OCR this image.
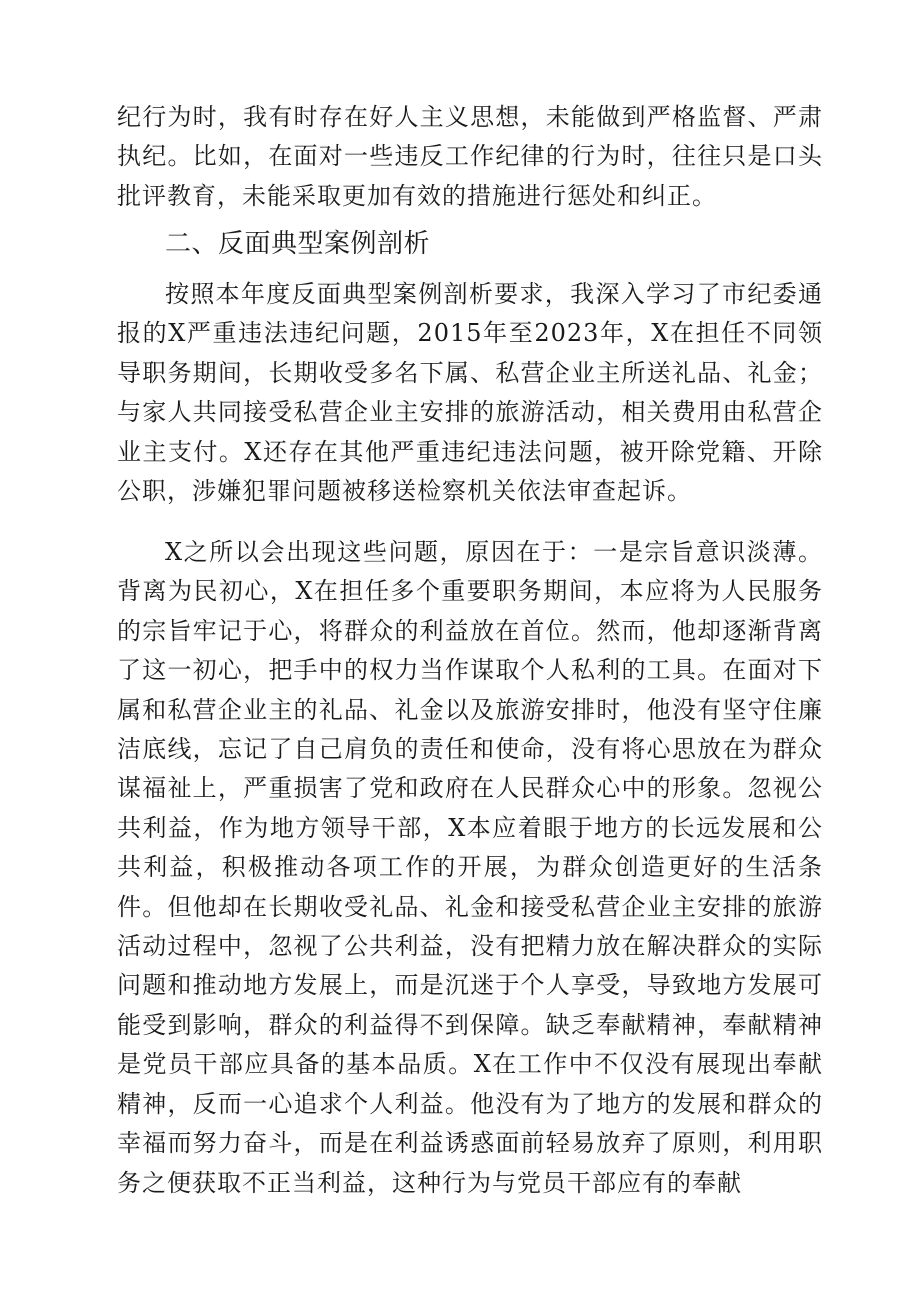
纪行为时，我有时存在好人主义思想，未能做到严格监督、严肃执纪。比如，在面对一些违反工作纪律的行为时，往往只是口头批评教育，未能采取更加有效的措施进行惩处和纠正。

二、反面典型案例剖析

按照本年度反面典型案例剖析要求，我深入学习了市纪委通报的X严重违法违纪问题，2015年至2023年，X在担任不同领导职务期间，长期收受多名下属、私营企业主所送礼品、礼金；与家人共同接受私营企业主安排的旅游活动，相关费用由私营企业主支付。X还存在其他严重违纪违法问题，被开除党籍、开除公职，涉嫌犯罪问题被移送检察机关依法审查起诉。

X之所以会出现这些问题，原因在于：一是宗旨意识淡薄。背离为民初心，X在担任多个重要职务期间，本应将为人民服务的宗旨牢记于心，将群众的利益放在首位。然而，他却逐渐背离了这一初心，把手中的权力当作谋取个人私利的工具。在面对下属和私营企业主的礼品、礼金以及旅游安排时，他没有坚守住廉洁底线，忘记了自己肩负的责任和使命，没有将心思放在为群众谋福祉上，严重损害了党和政府在人民群众心中的形象。忽视公共利益，作为地方领导干部，X本应着眼于地方的长远发展和公共利益，积极推动各项工作的开展，为群众创造更好的生活条件。但他却在长期收受礼品、礼金和接受私营企业主安排的旅游活动过程中，忽视了公共利益，没有把精力放在解决群众的实际问题和推动地方发展上，而是沉迷于个人享受，导致地方发展可能受到影响，群众的利益得不到保障。缺乏奉献精神，奉献精神是党员干部应具备的基本品质。X在工作中不仅没有展现出奉献精神，反而一心追求个人利益。他没有为了地方的发展和群众的幸福而努力奋斗，而是在利益诱惑面前轻易放弃了原则，利用职务之便获取不正当利益，这种行为与党员干部应有的奉献
